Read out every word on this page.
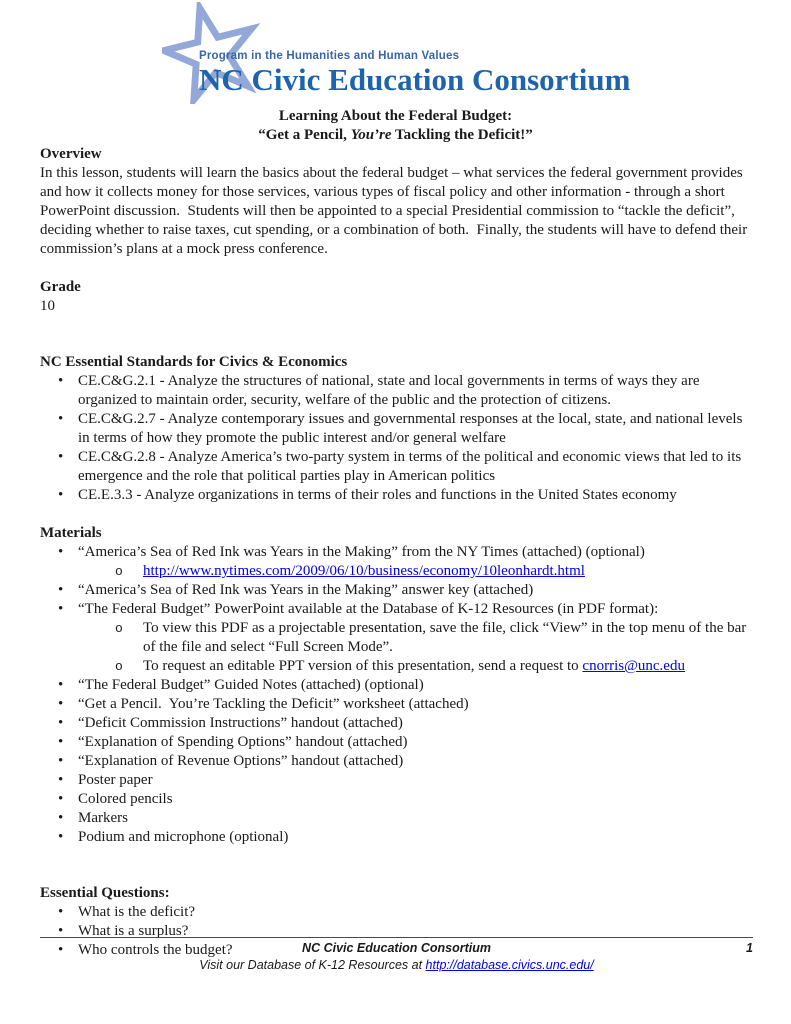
Program in the Humanities and Human Values
NC Civic Education Consortium
Learning About the Federal Budget:
“Get a Pencil, You’re Tackling the Deficit!”
Overview
In this lesson, students will learn the basics about the federal budget – what services the federal government provides and how it collects money for those services, various types of fiscal policy and other information - through a short PowerPoint discussion.  Students will then be appointed to a special Presidential commission to “tackle the deficit”, deciding whether to raise taxes, cut spending, or a combination of both.  Finally, the students will have to defend their commission’s plans at a mock press conference.
Grade
10
NC Essential Standards for Civics & Economics
• CE.C&G.2.1 - Analyze the structures of national, state and local governments in terms of ways they are organized to maintain order, security, welfare of the public and the protection of citizens.
• CE.C&G.2.7 - Analyze contemporary issues and governmental responses at the local, state, and national levels in terms of how they promote the public interest and/or general welfare
• CE.C&G.2.8 - Analyze America’s two-party system in terms of the political and economic views that led to its emergence and the role that political parties play in American politics
• CE.E.3.3 - Analyze organizations in terms of their roles and functions in the United States economy
Materials
• “America’s Sea of Red Ink was Years in the Making” from the NY Times (attached) (optional)
o	http://www.nytimes.com/2009/06/10/business/economy/10leonhardt.html
• “America’s Sea of Red Ink was Years in the Making” answer key (attached)
• “The Federal Budget” PowerPoint available at the Database of K-12 Resources (in PDF format):
o	To view this PDF as a projectable presentation, save the file, click “View” in the top menu of the bar of the file and select “Full Screen Mode”.
o	To request an editable PPT version of this presentation, send a request to cnorris@unc.edu
• “The Federal Budget” Guided Notes (attached) (optional)
• “Get a Pencil.  You’re Tackling the Deficit” worksheet (attached)
• “Deficit Commission Instructions” handout (attached)
• “Explanation of Spending Options” handout (attached)
• “Explanation of Revenue Options” handout (attached)
• Poster paper
• Colored pencils
• Markers
• Podium and microphone (optional)
Essential Questions:
• What is the deficit?
• What is a surplus?
• Who controls the budget?	NC Civic Education Consortium	1
Visit our Database of K-12 Resources at http://database.civics.unc.edu/
